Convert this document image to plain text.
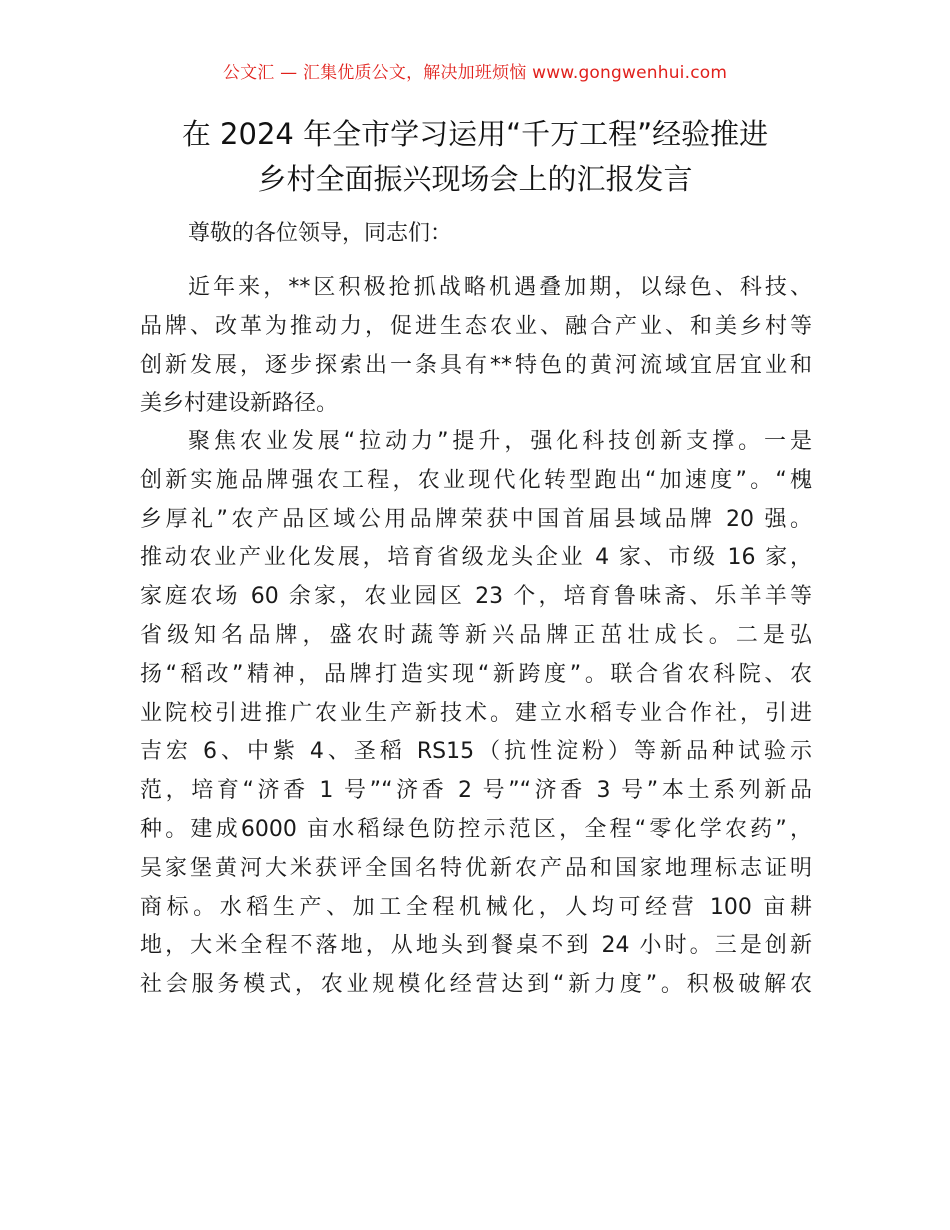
公文汇 — 汇集优质公文，解决加班烦恼 www.gongwenhui.com
在 2024 年全市学习运用“千万工程”经验推进
乡村全面振兴现场会上的汇报发言
尊敬的各位领导，同志们：
近年来，**区积极抢抓战略机遇叠加期，以绿色、科技、
品牌、改革为推动力，促进生态农业、融合产业、和美乡村等
创新发展，逐步探索出一条具有**特色的黄河流域宜居宜业和
美乡村建设新路径。
聚焦农业发展“拉动力”提升，强化科技创新支撑。一是
创新实施品牌强农工程，农业现代化转型跑出“加速度”。“槐
乡厚礼”农产品区域公用品牌荣获中国首届县域品牌 20 强。
推动农业产业化发展，培育省级龙头企业 4 家、市级 16 家，
家庭农场 60 余家，农业园区 23 个，培育鲁味斋、乐羊羊等
省级知名品牌，盛农时蔬等新兴品牌正茁壮成长。二是弘
扬“稻改”精神，品牌打造实现“新跨度”。联合省农科院、农
业院校引进推广农业生产新技术。建立水稻专业合作社，引进
吉宏 6、中紫 4、圣稻 RS15（抗性淀粉）等新品种试验示
范，培育“济香 1 号”“济香 2 号”“济香 3 号”本土系列新品
种。建成6000 亩水稻绿色防控示范区，全程“零化学农药”，
吴家堡黄河大米获评全国名特优新农产品和国家地理标志证明
商标。水稻生产、加工全程机械化，人均可经营 100 亩耕
地，大米全程不落地，从地头到餐桌不到 24 小时。三是创新
社会服务模式，农业规模化经营达到“新力度”。积极破解农
